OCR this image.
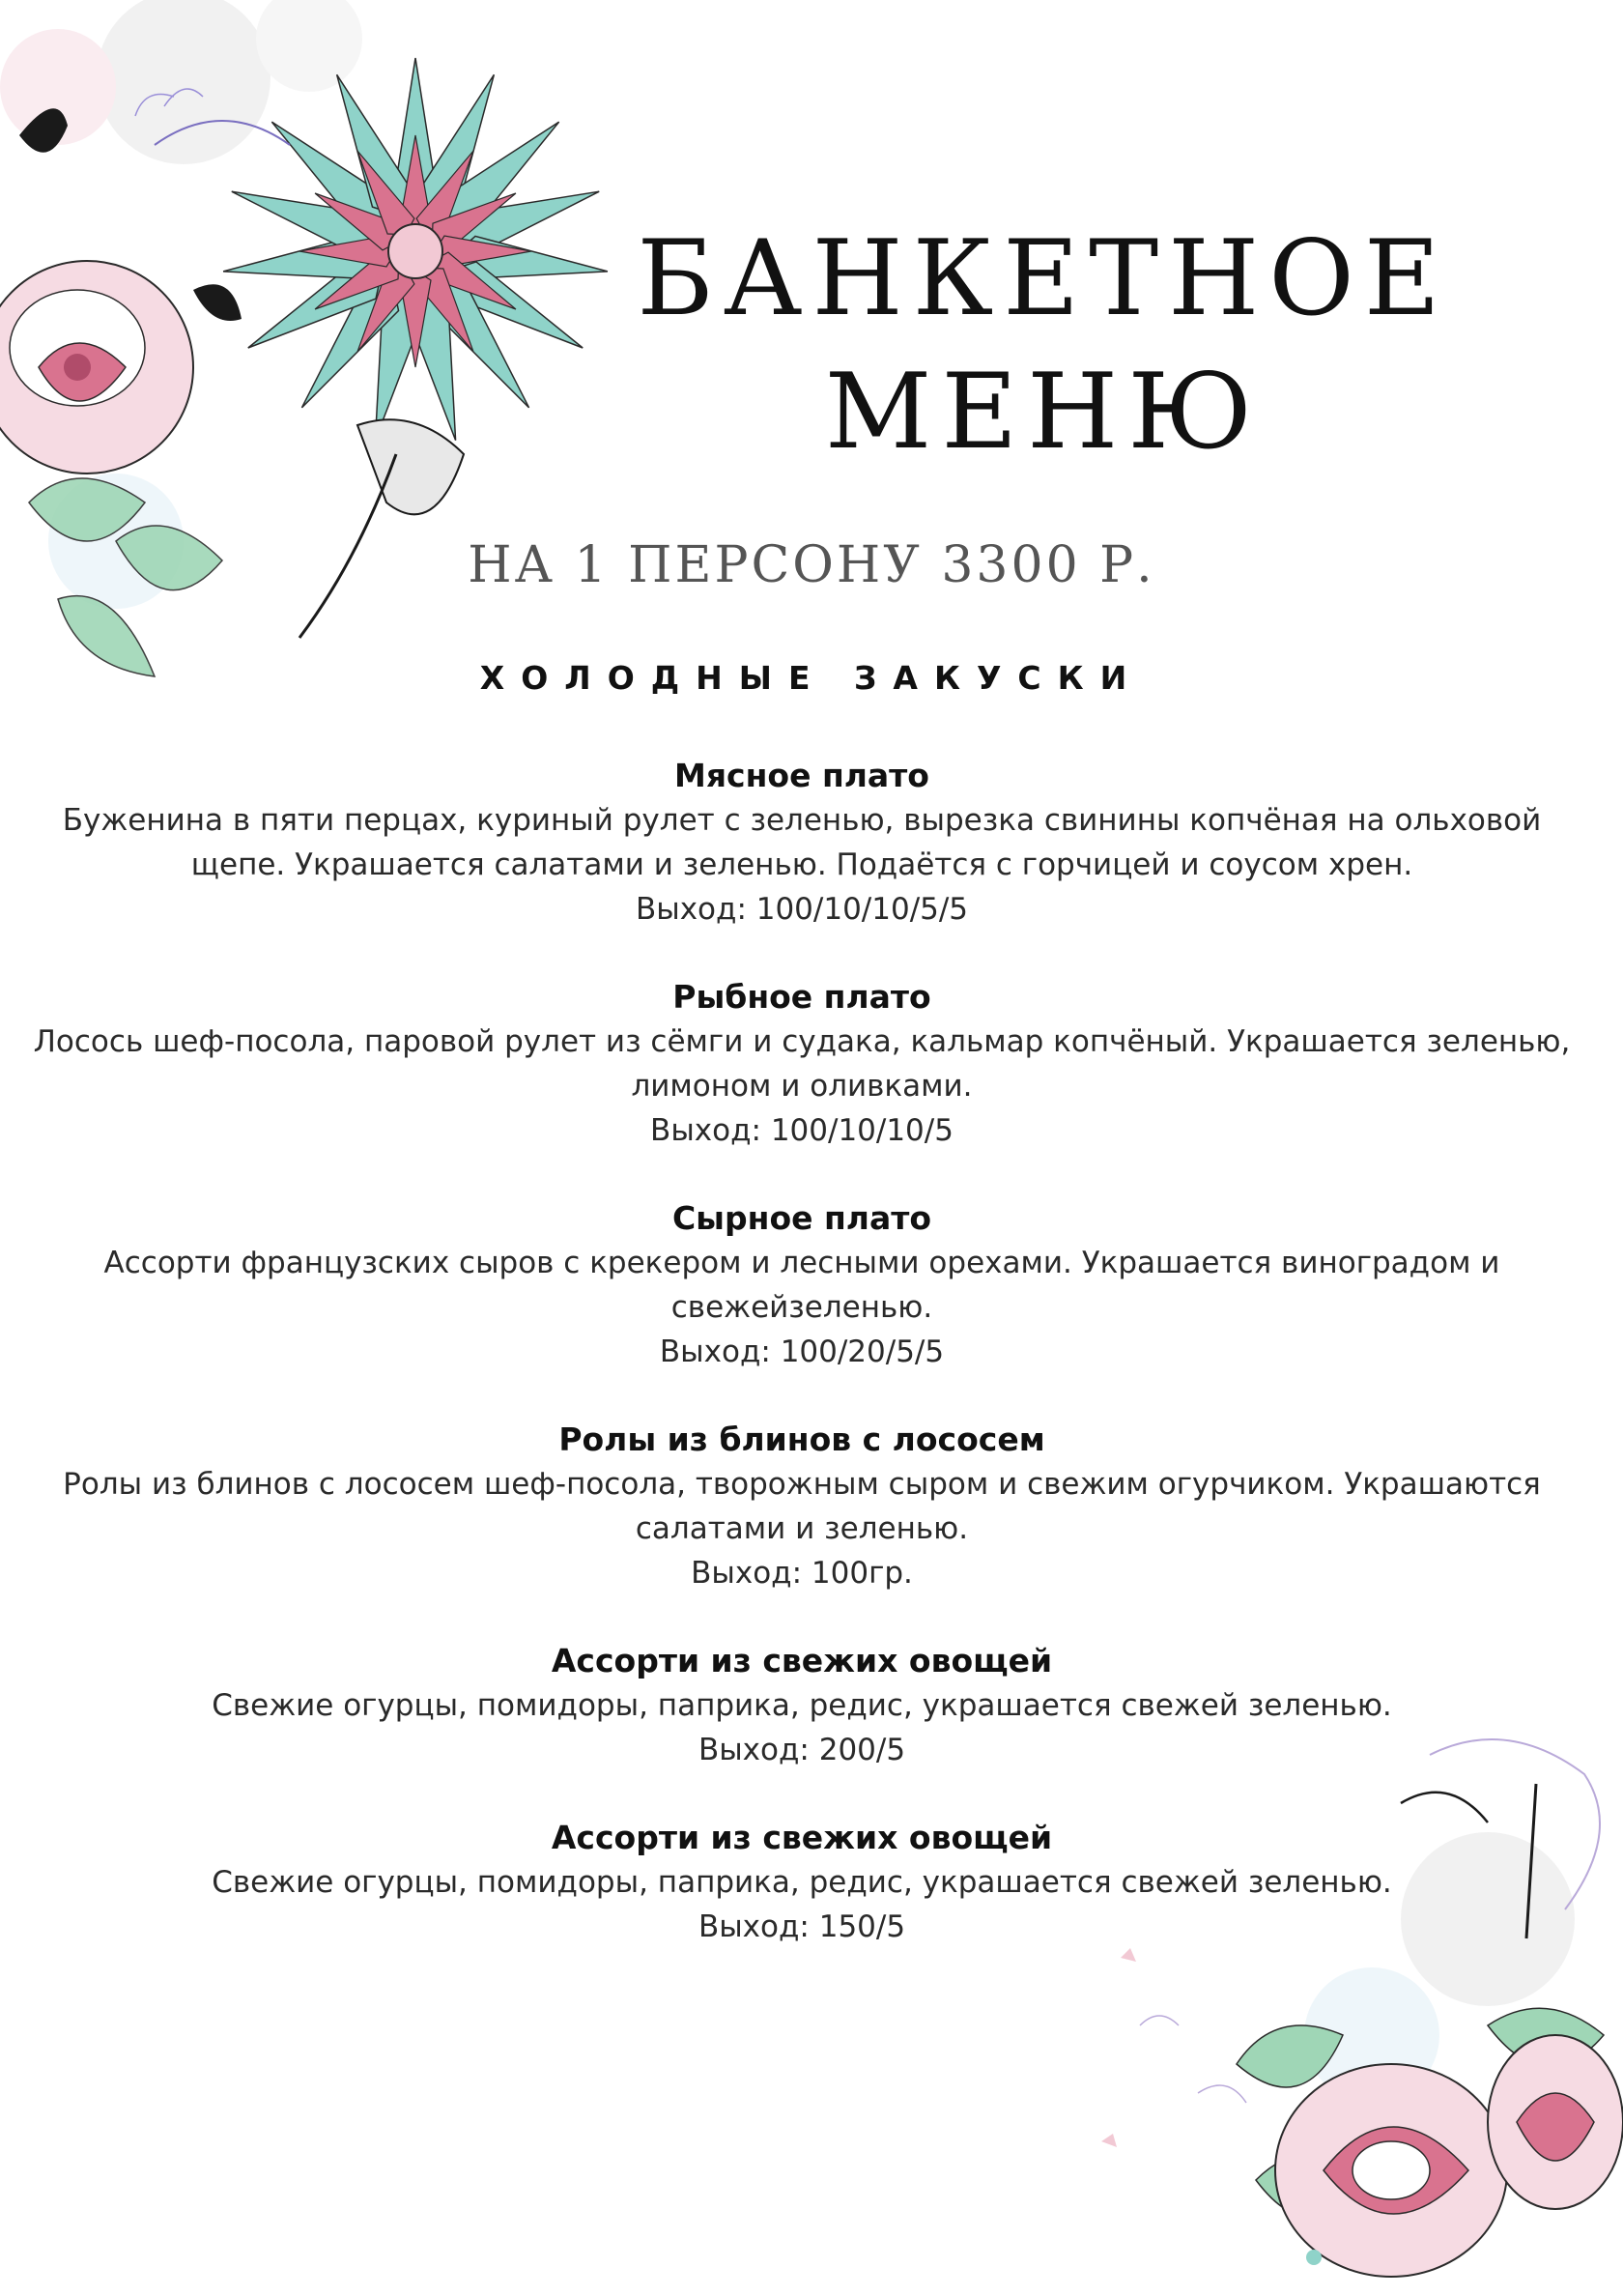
БАНКЕТНОЕ МЕНЮ
НА 1 ПЕРСОНУ 3300 Р.
ХОЛОДНЫЕ ЗАКУСКИ
Мясное плато
Буженина в пяти перцах, куриный рулет с зеленью, вырезка свинины копчёная на ольховой щепе. Украшается салатами и зеленью. Подаётся с горчицей и соусом хрен.
Выход: 100/10/10/5/5
Рыбное плато
Лосось шеф-посола, паровой рулет из сёмги и судака, кальмар копчёный. Украшается зеленью, лимоном и оливками.
Выход: 100/10/10/5
Сырное плато
Ассорти французских сыров с крекером и лесными орехами. Украшается виноградом и свежейзеленью.
Выход: 100/20/5/5
Ролы из блинов с лососем
Ролы из блинов с лососем шеф-посола, творожным сыром и свежим огурчиком. Украшаются салатами и зеленью.
Выход: 100гр.
Ассорти из свежих овощей
Свежие огурцы, помидоры, паприка, редис, украшается свежей зеленью.
Выход: 200/5
Ассорти из свежих овощей
Свежие огурцы, помидоры, паприка, редис, украшается свежей зеленью.
Выход: 150/5
